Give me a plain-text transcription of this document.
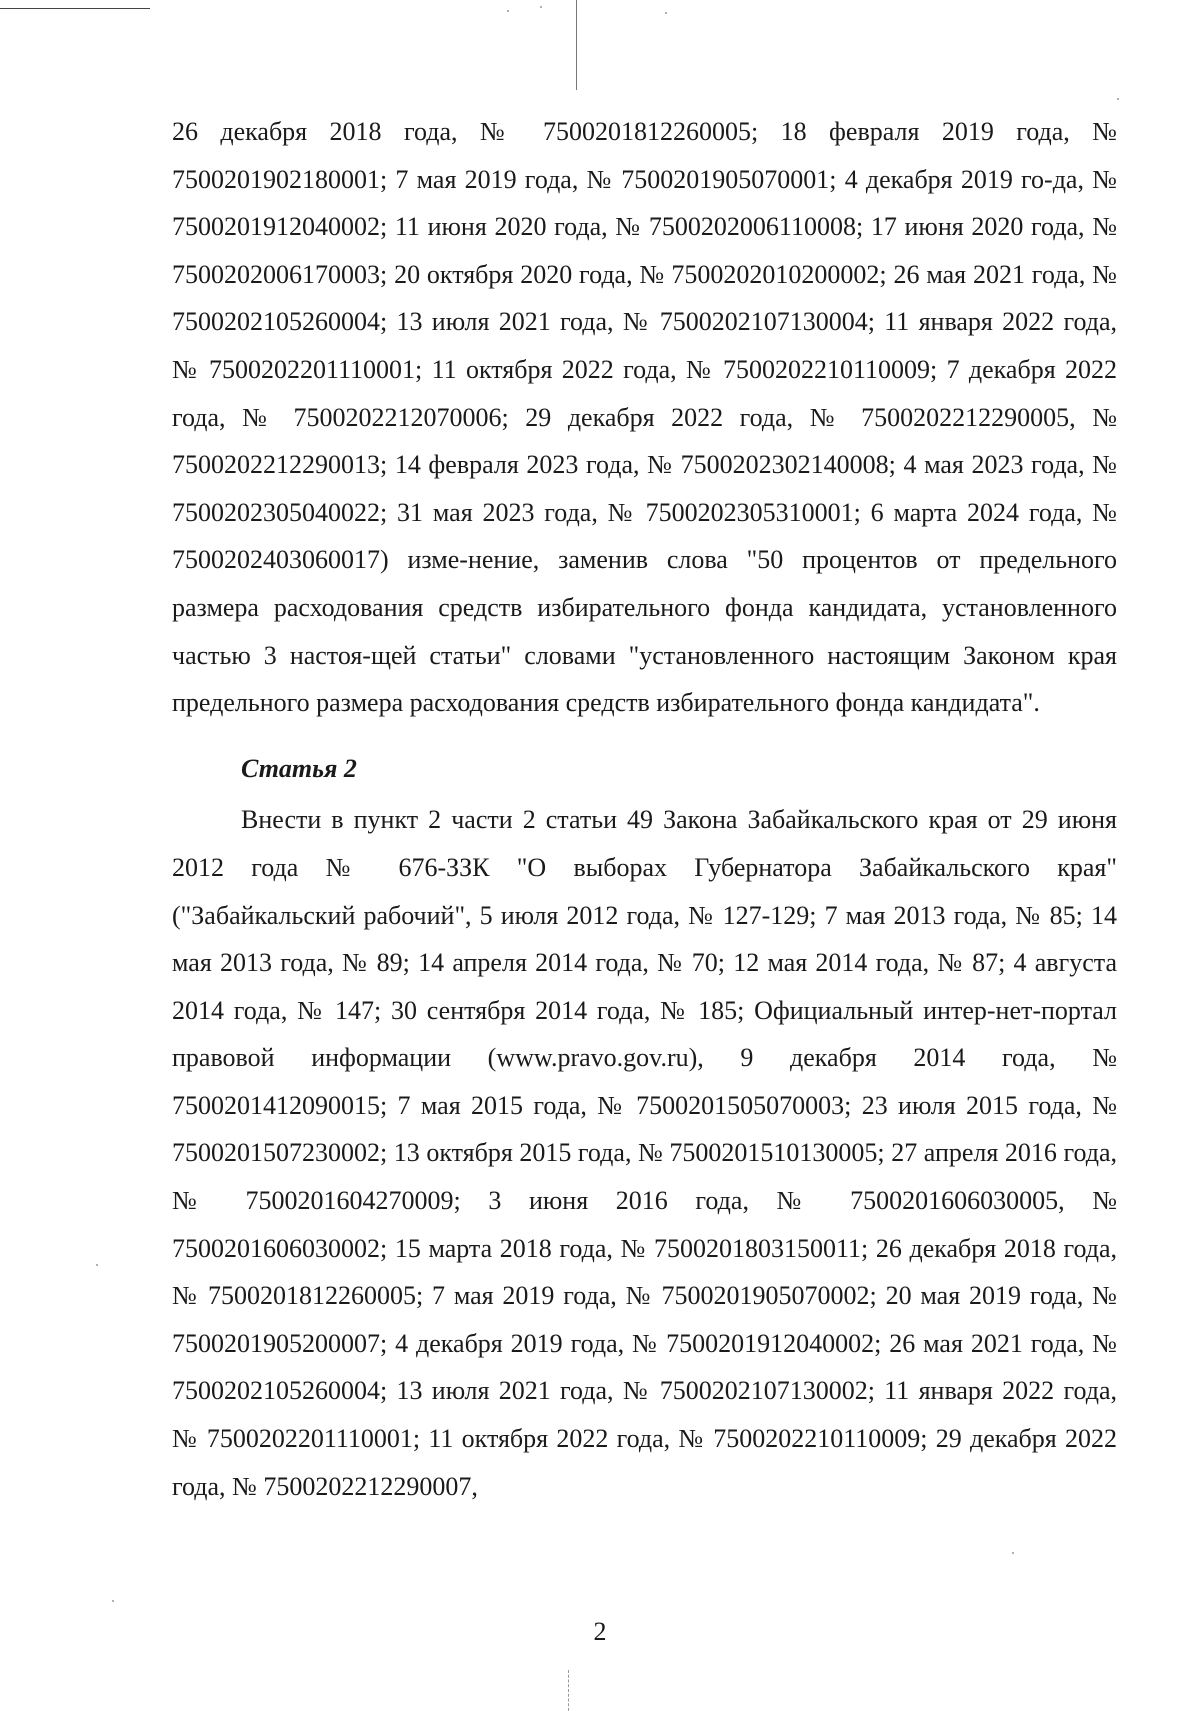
26 декабря 2018 года, № 7500201812260005; 18 февраля 2019 года, № 7500201902180001; 7 мая 2019 года, № 7500201905070001; 4 декабря 2019 го-да, № 7500201912040002; 11 июня 2020 года, № 7500202006110008; 17 июня 2020 года, № 7500202006170003; 20 октября 2020 года, № 7500202010200002; 26 мая 2021 года, № 7500202105260004; 13 июля 2021 года, № 7500202107130004; 11 января 2022 года, № 7500202201110001; 11 октября 2022 года, № 7500202210110009; 7 декабря 2022 года, № 7500202212070006; 29 декабря 2022 года, № 7500202212290005, № 7500202212290013; 14 февраля 2023 года, № 7500202302140008; 4 мая 2023 года, № 7500202305040022; 31 мая 2023 года, № 7500202305310001; 6 марта 2024 года, № 7500202403060017) изме-нение, заменив слова "50 процентов от предельного размера расходования средств избирательного фонда кандидата, установленного частью 3 настоя-щей статьи" словами "установленного настоящим Законом края предельного размера расходования средств избирательного фонда кандидата".

Статья 2

Внести в пункт 2 части 2 статьи 49 Закона Забайкальского края от 29 июня 2012 года № 676-ЗЗК "О выборах Губернатора Забайкальского края" ("Забайкальский рабочий", 5 июля 2012 года, № 127-129; 7 мая 2013 года, № 85; 14 мая 2013 года, № 89; 14 апреля 2014 года, № 70; 12 мая 2014 года, № 87; 4 августа 2014 года, № 147; 30 сентября 2014 года, № 185; Официальный интер-нет-портал правовой информации (www.pravo.gov.ru), 9 декабря 2014 года, № 7500201412090015; 7 мая 2015 года, № 7500201505070003; 23 июля 2015 года, № 7500201507230002; 13 октября 2015 года, № 7500201510130005; 27 апреля 2016 года, № 7500201604270009; 3 июня 2016 года, № 7500201606030005, № 7500201606030002; 15 марта 2018 года, № 7500201803150011; 26 декабря 2018 года, № 7500201812260005; 7 мая 2019 года, № 7500201905070002; 20 мая 2019 года, № 7500201905200007; 4 декабря 2019 года, № 7500201912040002; 26 мая 2021 года, № 7500202105260004; 13 июля 2021 года, № 7500202107130002; 11 января 2022 года, № 7500202201110001; 11 октября 2022 года, № 7500202210110009; 29 декабря 2022 года, № 7500202212290007,

2
